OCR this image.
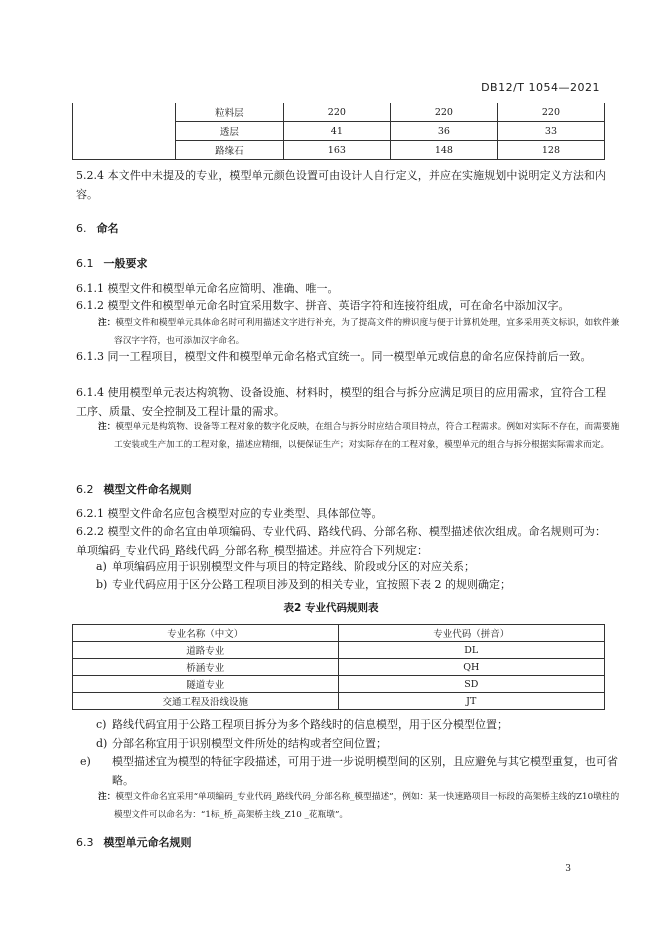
DB12/T 1054—2021
	粒料层	220	220	220
	透层	41	36	33
	路缘石	163	148	128
5.2.4 本文件中未提及的专业，模型单元颜色设置可由设计人自行定义，并应在实施规划中说明定义方法和内容。
6. 命名
6.1 一般要求
6.1.1 模型文件和模型单元命名应简明、准确、唯一。
6.1.2 模型文件和模型单元命名时宜采用数字、拼音、英语字符和连接符组成，可在命名中添加汉字。
注：模型文件和模型单元具体命名时可利用描述文字进行补充，为了提高文件的辨识度与便于计算机处理，宜多采用英文标识，如软件兼容汉字字符，也可添加汉字命名。
6.1.3 同一工程项目，模型文件和模型单元命名格式宜统一。同一模型单元或信息的命名应保持前后一致。
6.1.4 使用模型单元表达构筑物、设备设施、材料时，模型的组合与拆分应满足项目的应用需求，宜符合工程工序、质量、安全控制及工程计量的需求。
注：模型单元是构筑物、设备等工程对象的数字化反映，在组合与拆分时应结合项目特点，符合工程需求。例如对实际不存在，而需要施工安装或生产加工的工程对象，描述应精细，以便保证生产；对实际存在的工程对象，模型单元的组合与拆分根据实际需求而定。
6.2 模型文件命名规则
6.2.1 模型文件命名应包含模型对应的专业类型、具体部位等。
6.2.2 模型文件的命名宜由单项编码、专业代码、路线代码、分部名称、模型描述依次组成。命名规则可为：单项编码_专业代码_路线代码_分部名称_模型描述。并应符合下列规定：
a) 单项编码应用于识别模型文件与项目的特定路线、阶段或分区的对应关系；
b) 专业代码应用于区分公路工程项目涉及到的相关专业，宜按照下表 2 的规则确定；
表2 专业代码规则表
专业名称（中文）	专业代码（拼音）
道路专业	DL
桥涵专业	QH
隧道专业	SD
交通工程及沿线设施	JT
c) 路线代码宜用于公路工程项目拆分为多个路线时的信息模型，用于区分模型位置；
d) 分部名称宜用于识别模型文件所处的结构或者空间位置；
e) 模型描述宜为模型的特征字段描述，可用于进一步说明模型间的区别，且应避免与其它模型重复，也可省略。
注：模型文件命名宜采用“单项编码_专业代码_路线代码_分部名称_模型描述”，例如：某一快速路项目一标段的高架桥主线的Z10墩柱的模型文件可以命名为：“1标_桥_高架桥主线_Z10 _花瓶墩”。
6.3 模型单元命名规则
3
